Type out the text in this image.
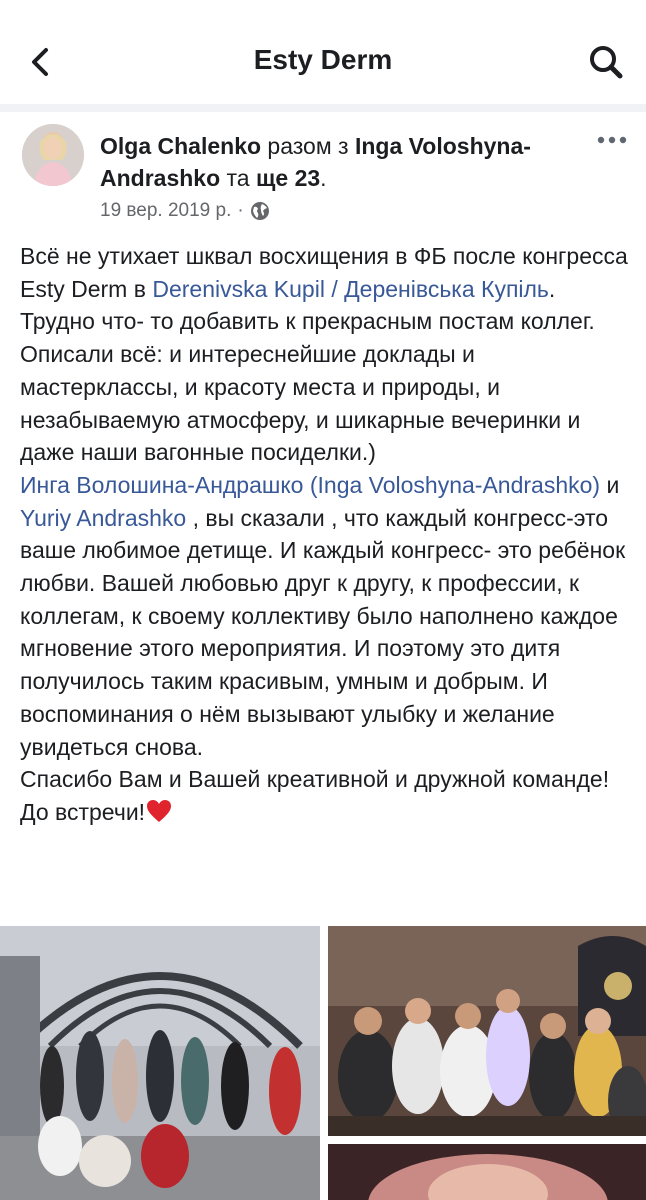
Esty Derm
Olga Chalenko разом з Inga Voloshyna-Andrashko та ще 23.
19 вер. 2019 р. ·
Всё не утихает шквал восхищения в ФБ после конгресса Esty Derm в Derenivska Kupil / Деренівська Купіль. Трудно что- то добавить к прекрасным постам коллег. Описали всё: и интереснейшие доклады и мастерклассы, и красоту места и природы, и незабываемую атмосферу, и шикарные вечеринки и даже наши вагонные посиделки.)
Инга Волошина-Андрашко (Inga Voloshyna-Andrashko) и Yuriy Andrashko , вы сказали , что каждый конгресс-это ваше любимое детище. И каждый конгресс- это ребёнок любви. Вашей любовью друг к другу, к профессии, к коллегам, к своему коллективу было наполнено каждое мгновение этого мероприятия. И поэтому это дитя получилось таким красивым, умным и добрым. И воспоминания о нём вызывают улыбку и желание увидеться снова.
Спасибо Вам и Вашей креативной и дружной команде! До встречи!
